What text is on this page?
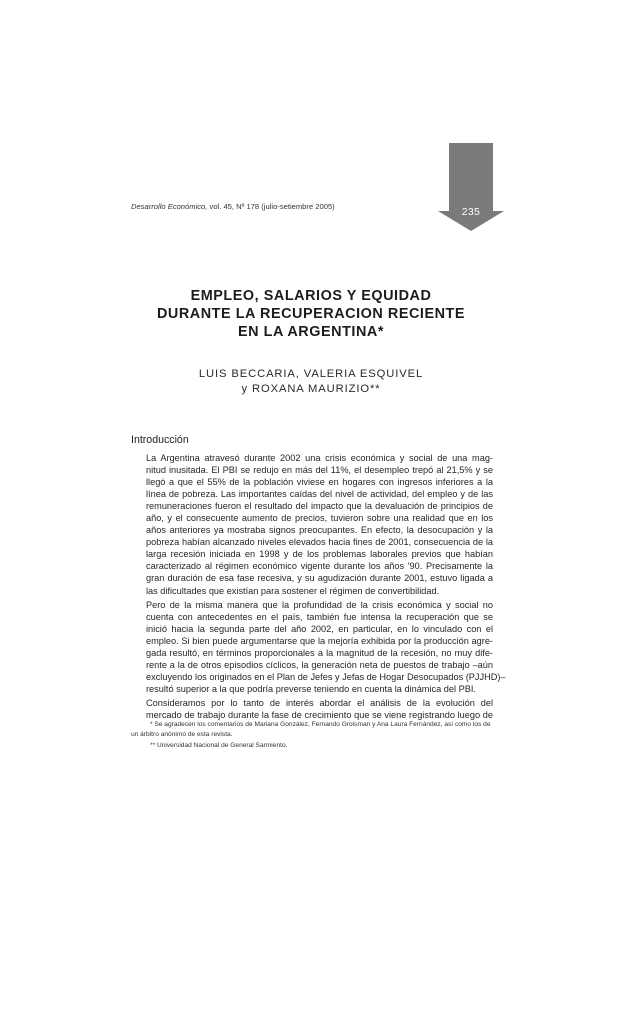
235
Desarrollo Económico, vol. 45, Nº 178 (julio-setiembre 2005)
EMPLEO, SALARIOS Y EQUIDAD
DURANTE LA RECUPERACION RECIENTE
EN LA ARGENTINA*
LUIS BECCARIA, VALERIA ESQUIVEL
y ROXANA MAURIZIO**
Introducción

La Argentina atravesó durante 2002 una crisis económica y social de una mag-
nitud inusitada. El PBI se redujo en más del 11%, el desempleo trepó al 21,5% y se
llegó a que el 55% de la población viviese en hogares con ingresos inferiores a la
línea de pobreza. Las importantes caídas del nivel de actividad, del empleo y de las
remuneraciones fueron el resultado del impacto que la devaluación de principios de
año, y el consecuente aumento de precios, tuvieron sobre una realidad que en los
años anteriores ya mostraba signos preocupantes. En efecto, la desocupación y la
pobreza habían alcanzado niveles elevados hacia fines de 2001, consecuencia de la
larga recesión iniciada en 1998 y de los problemas laborales previos que habían
caracterizado al régimen económico vigente durante los años '90. Precisamente la
gran duración de esa fase recesiva, y su agudización durante 2001, estuvo ligada a
las dificultades que existían para sostener el régimen de convertibilidad.

Pero de la misma manera que la profundidad de la crisis económica y social no
cuenta con antecedentes en el país, también fue intensa la recuperación que se
inició hacia la segunda parte del año 2002, en particular, en lo vinculado con el
empleo. Si bien puede argumentarse que la mejoría exhibida por la producción agre-
gada resultó, en términos proporcionales a la magnitud de la recesión, no muy dife-
rente a la de otros episodios cíclicos, la generación neta de puestos de trabajo –aún
excluyendo los originados en el Plan de Jefes y Jefas de Hogar Desocupados (PJJHD)–
resultó superior a la que podría preverse teniendo en cuenta la dinámica del PBI.

Consideramos por lo tanto de interés abordar el análisis de la evolución del
mercado de trabajo durante la fase de crecimiento que se viene registrando luego de

* Se agradecen los comentarios de Mariana González, Fernando Groisman y Ana Laura Fernández, así como los de un árbitro anónimo de esta revista.

** Universidad Nacional de General Sarmiento.
